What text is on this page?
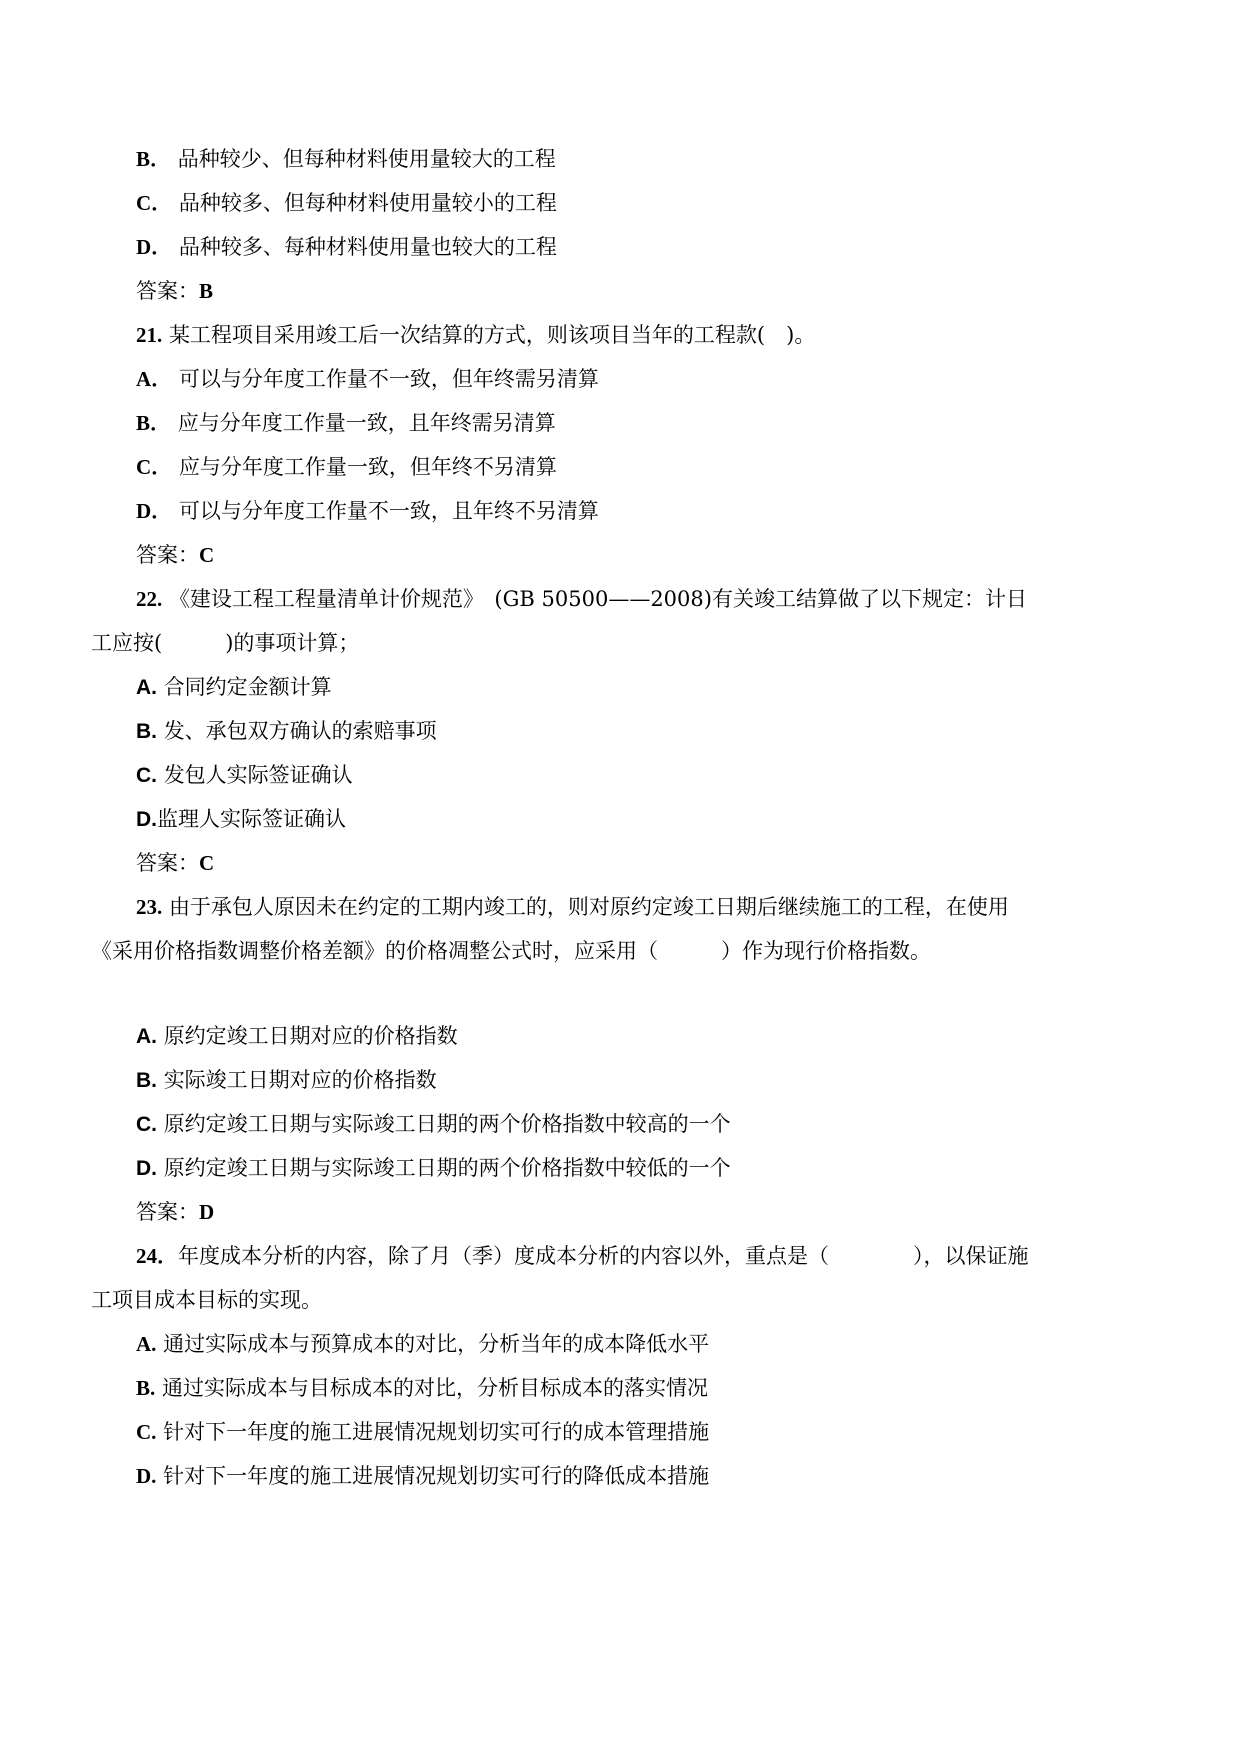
B． 品种较少、但每种材料使用量较大的工程
C． 品种较多、但每种材料使用量较小的工程
D． 品种较多、每种材料使用量也较大的工程
答案：B
21. 某工程项目采用竣工后一次结算的方式，则该项目当年的工程款(　)。
A． 可以与分年度工作量不一致，但年终需另清算
B． 应与分年度工作量一致，且年终需另清算
C． 应与分年度工作量一致，但年终不另清算
D． 可以与分年度工作量不一致，且年终不另清算
答案：C
22. 《建设工程工程量清单计价规范》　(GB 50500——2008)有关竣工结算做了以下规定：计日
工应按(　　　)的事项计算；
A. 合同约定金额计算
B. 发、承包双方确认的索赔事项
C. 发包人实际签证确认
D.监理人实际签证确认
答案：C
23. 由于承包人原因未在约定的工期内竣工的，则对原约定竣工日期后继续施工的工程，在使用
《采用价格指数调整价格差额》的价格凋整公式时，应采用（　　　）作为现行价格指数。
A. 原约定竣工日期对应的价格指数
B. 实际竣工日期对应的价格指数
C. 原约定竣工日期与实际竣工日期的两个价格指数中较高的一个
D. 原约定竣工日期与实际竣工日期的两个价格指数中较低的一个
答案：D
24．年度成本分析的内容，除了月（季）度成本分析的内容以外，重点是（　　　　），以保证施
工项目成本目标的实现。
A. 通过实际成本与预算成本的对比，分析当年的成本降低水平
B. 通过实际成本与目标成本的对比，分析目标成本的落实情况
C. 针对下一年度的施工进展情况规划切实可行的成本管理措施
D. 针对下一年度的施工进展情况规划切实可行的降低成本措施
